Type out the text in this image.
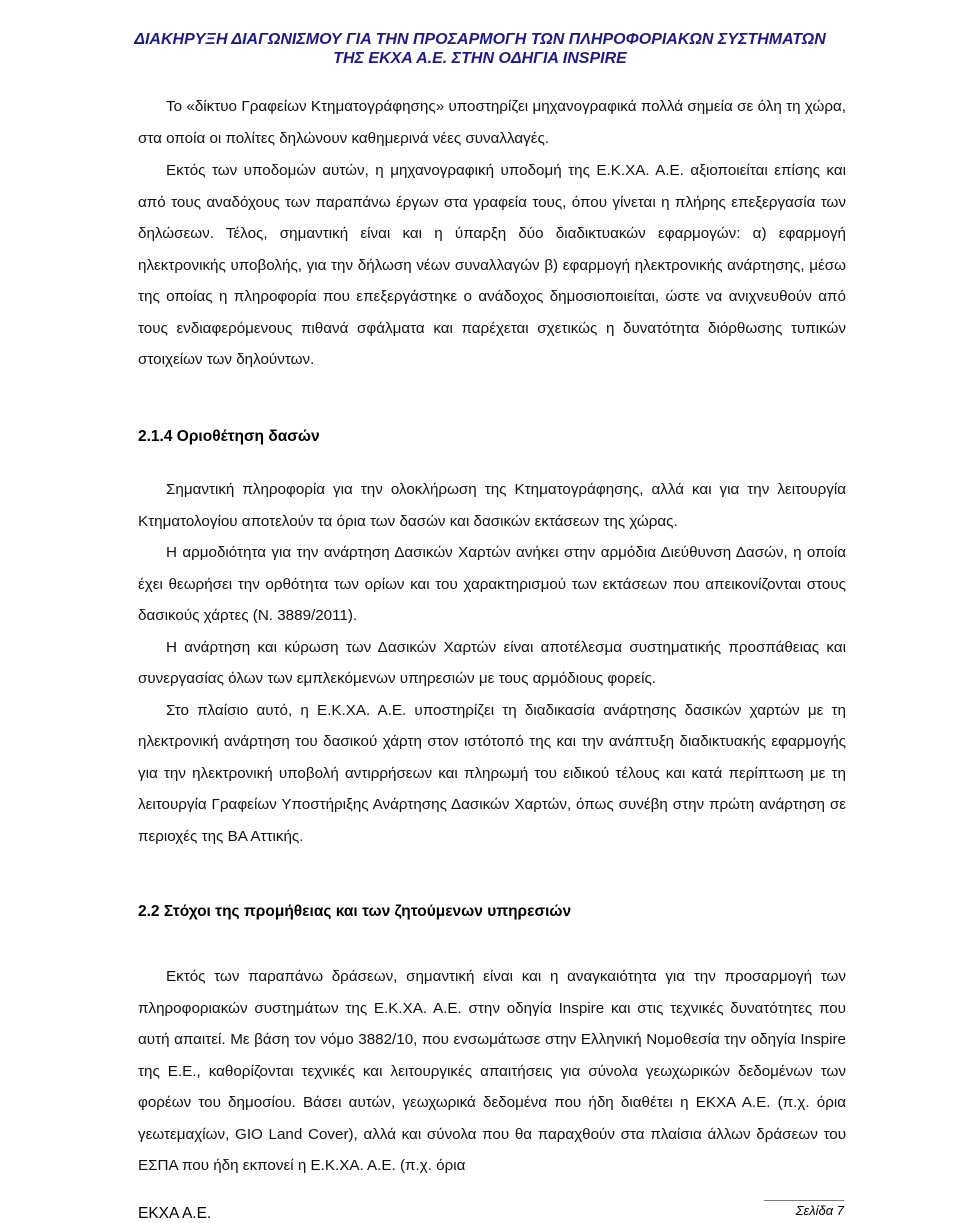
ΔΙΑΚΗΡΥΞΗ ΔΙΑΓΩΝΙΣΜΟΥ ΓΙΑ ΤΗΝ ΠΡΟΣΑΡΜΟΓΗ ΤΩΝ ΠΛΗΡΟΦΟΡΙΑΚΩΝ ΣΥΣΤΗΜΑΤΩΝ
ΤΗΣ ΕΚΧΑ Α.Ε. ΣΤΗΝ ΟΔΗΓΙΑ INSPIRE

Το «δίκτυο Γραφείων Κτηματογράφησης» υποστηρίζει μηχανογραφικά πολλά σημεία σε όλη τη χώρα, στα οποία οι πολίτες δηλώνουν καθημερινά νέες συναλλαγές.

Εκτός των υποδομών αυτών, η μηχανογραφική υποδομή της Ε.Κ.ΧΑ. Α.Ε. αξιοποιείται επίσης και από τους αναδόχους των παραπάνω έργων στα γραφεία τους, όπου γίνεται η πλήρης επεξεργασία των δηλώσεων. Τέλος, σημαντική είναι και η ύπαρξη δύο διαδικτυακών εφαρμογών: α) εφαρμογή ηλεκτρονικής υποβολής, για την δήλωση νέων συναλλαγών β) εφαρμογή ηλεκτρονικής ανάρτησης, μέσω της οποίας η πληροφορία που επεξεργάστηκε ο ανάδοχος δημοσιοποιείται, ώστε να ανιχνευθούν από τους ενδιαφερόμενους πιθανά σφάλματα και παρέχεται σχετικώς η δυνατότητα διόρθωσης τυπικών στοιχείων των δηλούντων.

2.1.4 Οριοθέτηση δασών

Σημαντική πληροφορία για την ολοκλήρωση της Κτηματογράφησης, αλλά και για την λειτουργία Κτηματολογίου αποτελούν τα όρια των δασών και δασικών εκτάσεων της χώρας.

Η αρμοδιότητα για την ανάρτηση Δασικών Χαρτών ανήκει στην αρμόδια Διεύθυνση Δασών, η οποία έχει θεωρήσει την ορθότητα των ορίων και του χαρακτηρισμού των εκτάσεων που απεικονίζονται στους δασικούς χάρτες (Ν. 3889/2011).

Η ανάρτηση και κύρωση των Δασικών Χαρτών είναι αποτέλεσμα συστηματικής προσπάθειας και συνεργασίας όλων των εμπλεκόμενων υπηρεσιών με τους αρμόδιους φορείς.

Στο πλαίσιο αυτό, η Ε.Κ.ΧΑ. Α.Ε. υποστηρίζει τη διαδικασία ανάρτησης δασικών χαρτών με τη ηλεκτρονική ανάρτηση του δασικού χάρτη στον ιστότοπό της και την ανάπτυξη διαδικτυακής εφαρμογής για την ηλεκτρονική υποβολή αντιρρήσεων και πληρωμή του ειδικού τέλους και κατά περίπτωση με τη λειτουργία Γραφείων Υποστήριξης Ανάρτησης Δασικών Χαρτών, όπως συνέβη στην πρώτη ανάρτηση σε περιοχές της ΒΑ Αττικής.

2.2 Στόχοι της προμήθειας και των ζητούμενων υπηρεσιών

Εκτός των παραπάνω δράσεων, σημαντική είναι και η αναγκαιότητα για την προσαρμογή των πληροφοριακών συστημάτων της Ε.Κ.ΧΑ. Α.Ε. στην οδηγία Inspire και στις τεχνικές δυνατότητες που αυτή απαιτεί. Με βάση τον νόμο 3882/10, που ενσωμάτωσε στην Ελληνική Νομοθεσία την οδηγία Inspire της Ε.Ε., καθορίζονται τεχνικές και λειτουργικές απαιτήσεις για σύνολα γεωχωρικών δεδομένων των φορέων του δημοσίου. Βάσει αυτών, γεωχωρικά δεδομένα που ήδη διαθέτει η ΕΚΧΑ Α.Ε. (π.χ. όρια γεωτεμαχίων, GIO Land Cover), αλλά και σύνολα που θα παραχθούν στα πλαίσια άλλων δράσεων του ΕΣΠΑ που ήδη εκπονεί η Ε.Κ.ΧΑ. Α.Ε. (π.χ. όρια

ΕΚΧΑ Α.Ε.	Σελίδα 7
